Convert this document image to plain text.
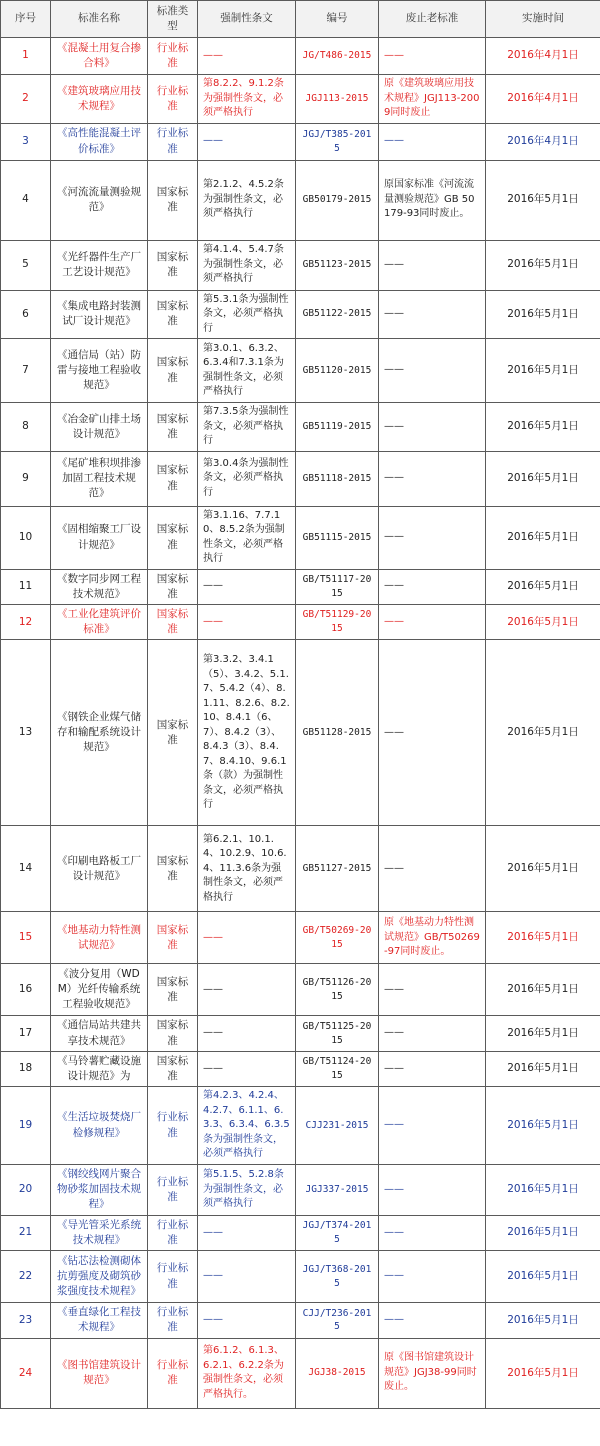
序号	标准名称	标准类型	强制性条文	编号	废止老标准	实施时间
1	《混凝土用复合掺合料》	行业标准	——	JG/T486-2015	——	2016年4月1日
2	《建筑玻璃应用技术规程》	行业标准	第8.2.2、9.1.2条为强制性条文，必须严格执行	JGJ113-2015	原《建筑玻璃应用技术规程》JGJ113-2009同时废止	2016年4月1日
3	《高性能混凝土评价标准》	行业标准	——	JGJ/T385-2015	——	2016年4月1日
4	《河流流量测验规范》	国家标准	第2.1.2、4.5.2条为强制性条文，必须严格执行	GB50179-2015	原国家标准《河流流量测验规范》GB 50179-93同时废止。	2016年5月1日
5	《光纤器件生产厂工艺设计规范》	国家标准	第4.1.4、5.4.7条为强制性条文，必须严格执行	GB51123-2015	——	2016年5月1日
6	《集成电路封装测试厂设计规范》	国家标准	第5.3.1条为强制性条文，必须严格执行	GB51122-2015	——	2016年5月1日
7	《通信局（站）防雷与接地工程验收规范》	国家标准	第3.0.1、6.3.2、6.3.4和7.3.1条为强制性条文，必须严格执行	GB51120-2015	——	2016年5月1日
8	《冶金矿山排土场设计规范》	国家标准	第7.3.5条为强制性条文，必须严格执行	GB51119-2015	——	2016年5月1日
9	《尾矿堆积坝排渗加固工程技术规范》	国家标准	第3.0.4条为强制性条文，必须严格执行	GB51118-2015	——	2016年5月1日
10	《固相缩聚工厂设计规范》	国家标准	第3.1.16、7.7.10、8.5.2条为强制性条文，必须严格执行	GB51115-2015	——	2016年5月1日
11	《数字同步网工程技术规范》	国家标准	——	GB/T51117-2015	——	2016年5月1日
12	《工业化建筑评价标准》	国家标准	——	GB/T51129-2015	——	2016年5月1日
13	《钢铁企业煤气储存和输配系统设计规范》	国家标准	第3.3.2、3.4.1（5）、3.4.2、5.1.7、5.4.2（4）、8.1.11、8.2.6、8.2.10、8.4.1（6、7）、8.4.2（3）、8.4.3（3）、8.4.7、8.4.10、9.6.1条（款）为强制性条文，必须严格执行	GB51128-2015	——	2016年5月1日
14	《印刷电路板工厂设计规范》	国家标准	第6.2.1、10.1.4、10.2.9、10.6.4、11.3.6条为强制性条文，必须严格执行	GB51127-2015	——	2016年5月1日
15	《地基动力特性测试规范》	国家标准	——	GB/T50269-2015	原《地基动力特性测试规范》GB/T50269-97同时废止。	2016年5月1日
16	《波分复用（WDM）光纤传输系统工程验收规范》	国家标准	——	GB/T51126-2015	——	2016年5月1日
17	《通信局站共建共享技术规范》	国家标准	——	GB/T51125-2015	——	2016年5月1日
18	《马铃薯贮藏设施设计规范》为	国家标准	——	GB/T51124-2015	——	2016年5月1日
19	《生活垃圾焚烧厂检修规程》	行业标准	第4.2.3、4.2.4、4.2.7、6.1.1、6.3.3、6.3.4、6.3.5条为强制性条文，必须严格执行	CJJ231-2015	——	2016年5月1日
20	《钢绞线网片聚合物砂浆加固技术规程》	行业标准	第5.1.5、5.2.8条为强制性条文，必须严格执行	JGJ337-2015	——	2016年5月1日
21	《导光管采光系统技术规程》	行业标准	——	JGJ/T374-2015	——	2016年5月1日
22	《钻芯法检测砌体抗剪强度及砌筑砂浆强度技术规程》	行业标准	——	JGJ/T368-2015	——	2016年5月1日
23	《垂直绿化工程技术规程》	行业标准	——	CJJ/T236-2015	——	2016年5月1日
24	《图书馆建筑设计规范》	行业标准	第6.1.2、6.1.3、6.2.1、6.2.2条为强制性条文，必须严格执行。	JGJ38-2015	原《图书馆建筑设计规范》JGJ38-99同时废止。	2016年5月1日
